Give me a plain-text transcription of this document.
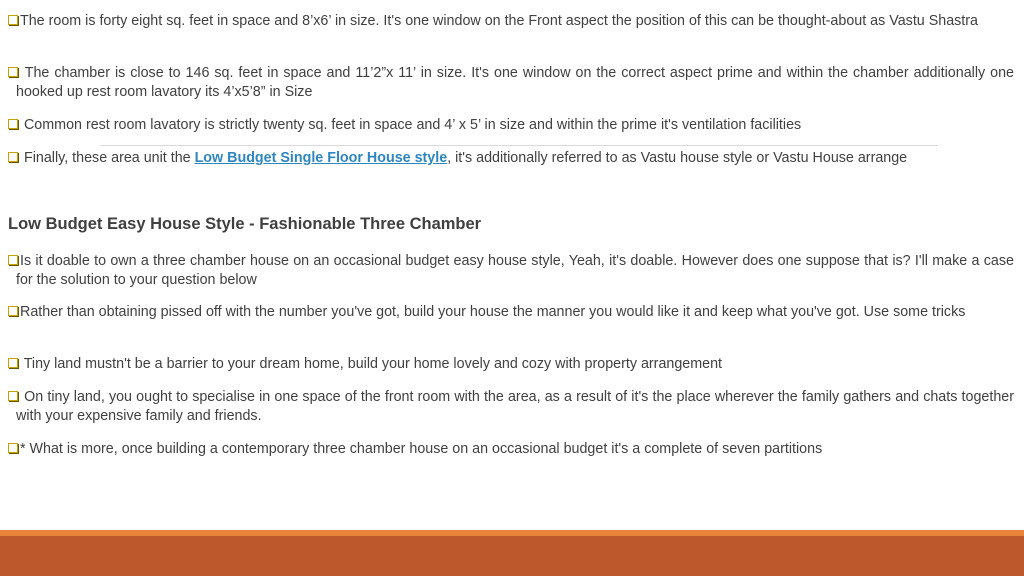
The room is forty eight sq. feet in space and 8’x6’ in size. It's one window on the Front aspect the position of this can be thought-about as Vastu Shastra

The chamber is close to 146 sq. feet in space and 11’2”x 11’ in size. It's one window on the correct aspect prime and within the chamber additionally one hooked up rest room lavatory its 4’x5’8” in Size

Common rest room lavatory is strictly twenty sq. feet in space and 4’ x 5’ in size and within the prime it's ventilation facilities

Finally, these area unit the Low Budget Single Floor House style, it's additionally referred to as Vastu house style or Vastu House arrange

Low Budget Easy House Style - Fashionable Three Chamber

Is it doable to own a three chamber house on an occasional budget easy house style, Yeah, it's doable. However does one suppose that is? I'll make a case for the solution to your question below

Rather than obtaining pissed off with the number you've got, build your house the manner you would like it and keep what you've got. Use some tricks

Tiny land mustn't be a barrier to your dream home, build your home lovely and cozy with property arrangement

On tiny land, you ought to specialise in one space of the front room with the area, as a result of it's the place wherever the family gathers and chats together with your expensive family and friends.

* What is more, once building a contemporary three chamber house on an occasional budget it's a complete of seven partitions
